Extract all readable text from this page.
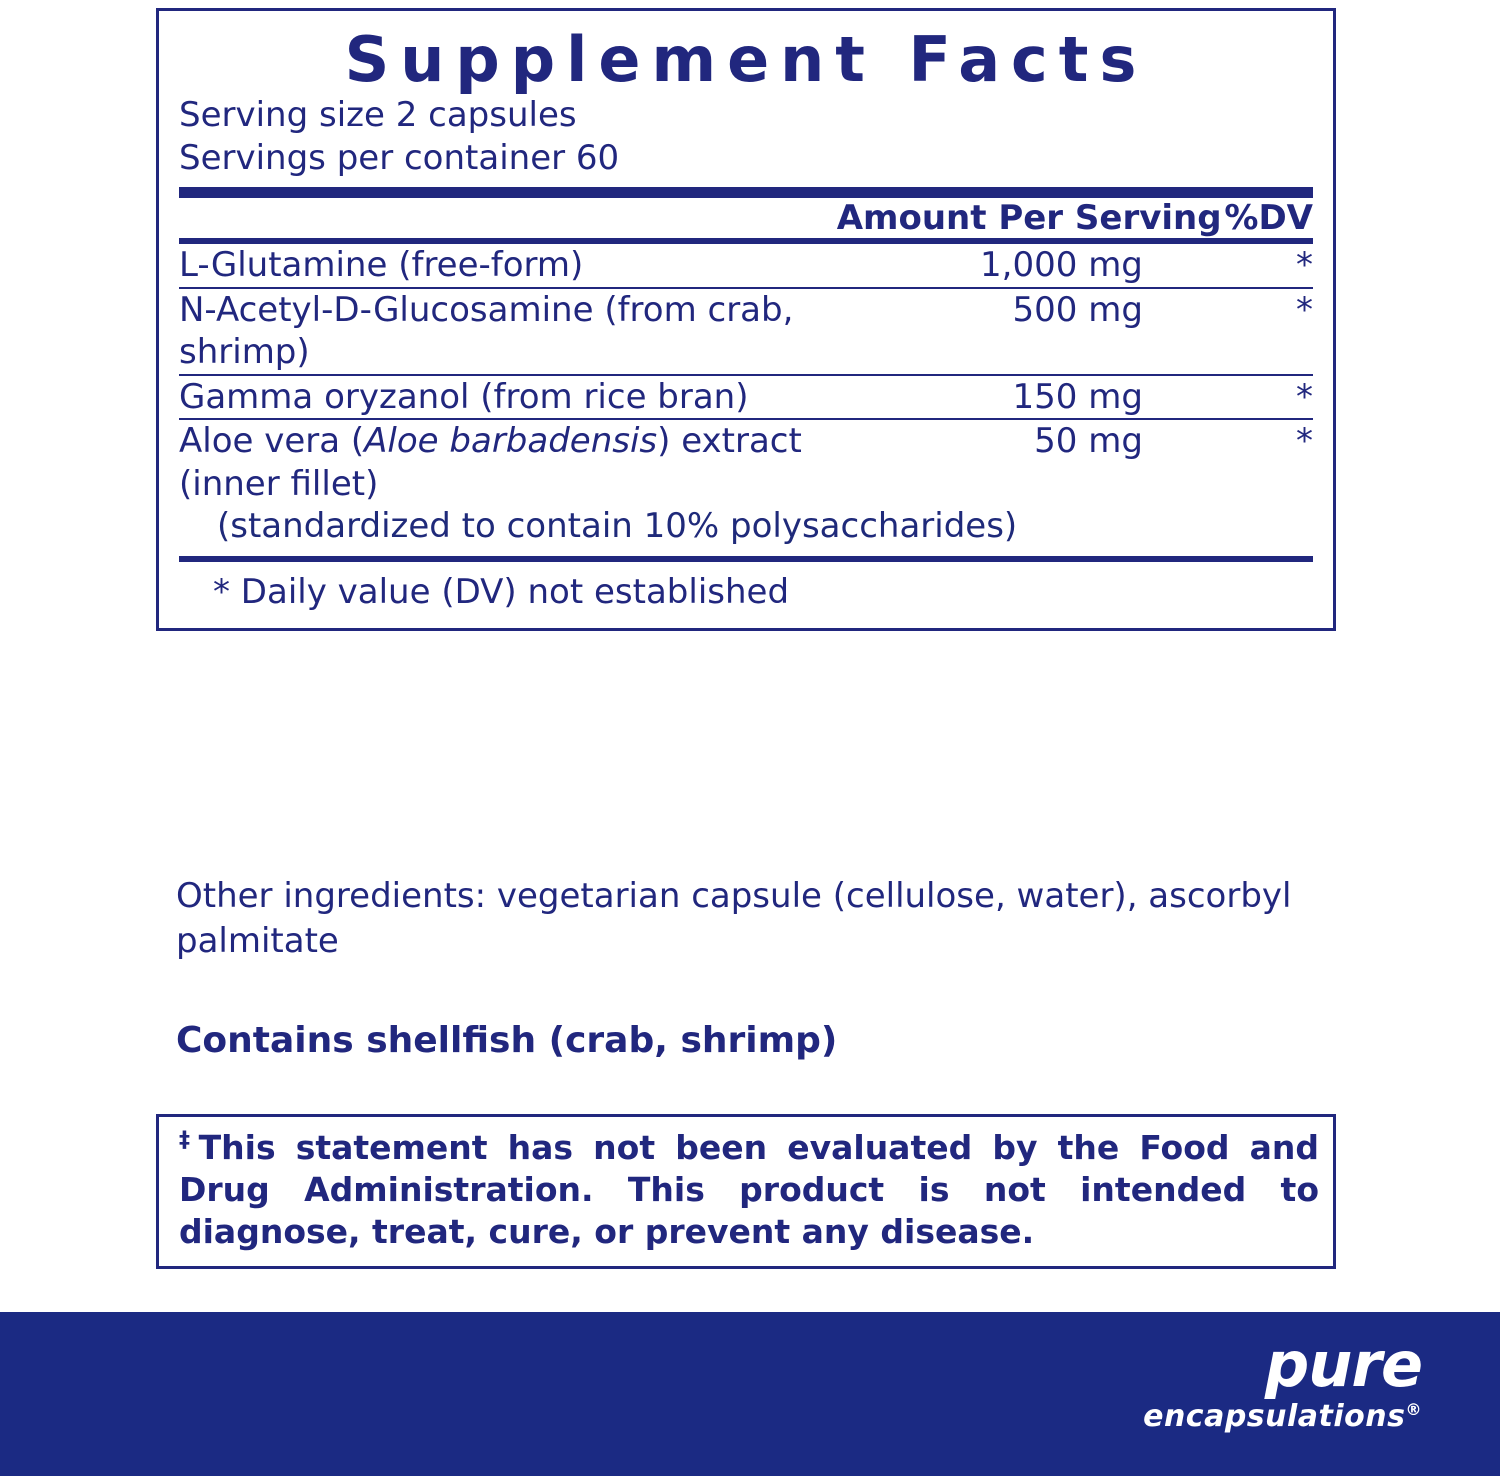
Supplement Facts
Serving size 2 capsules
Servings per container 60
	Amount Per Serving	%DV
L-Glutamine (free-form)	1,000 mg	*
N-Acetyl-D-Glucosamine (from crab, shrimp)	500 mg	*
Gamma oryzanol (from rice bran)	150 mg	*
Aloe vera (Aloe barbadensis) extract (inner fillet)	50 mg	*

(standardized to contain 10% polysaccharides)
* Daily value (DV) not established
Other ingredients: vegetarian capsule (cellulose, water), ascorbyl palmitate
Contains shellfish (crab, shrimp)
‡This statement has not been evaluated by the Food and Drug Administration. This product is not intended to diagnose, treat, cure, or prevent any disease.
pure
encapsulations®
